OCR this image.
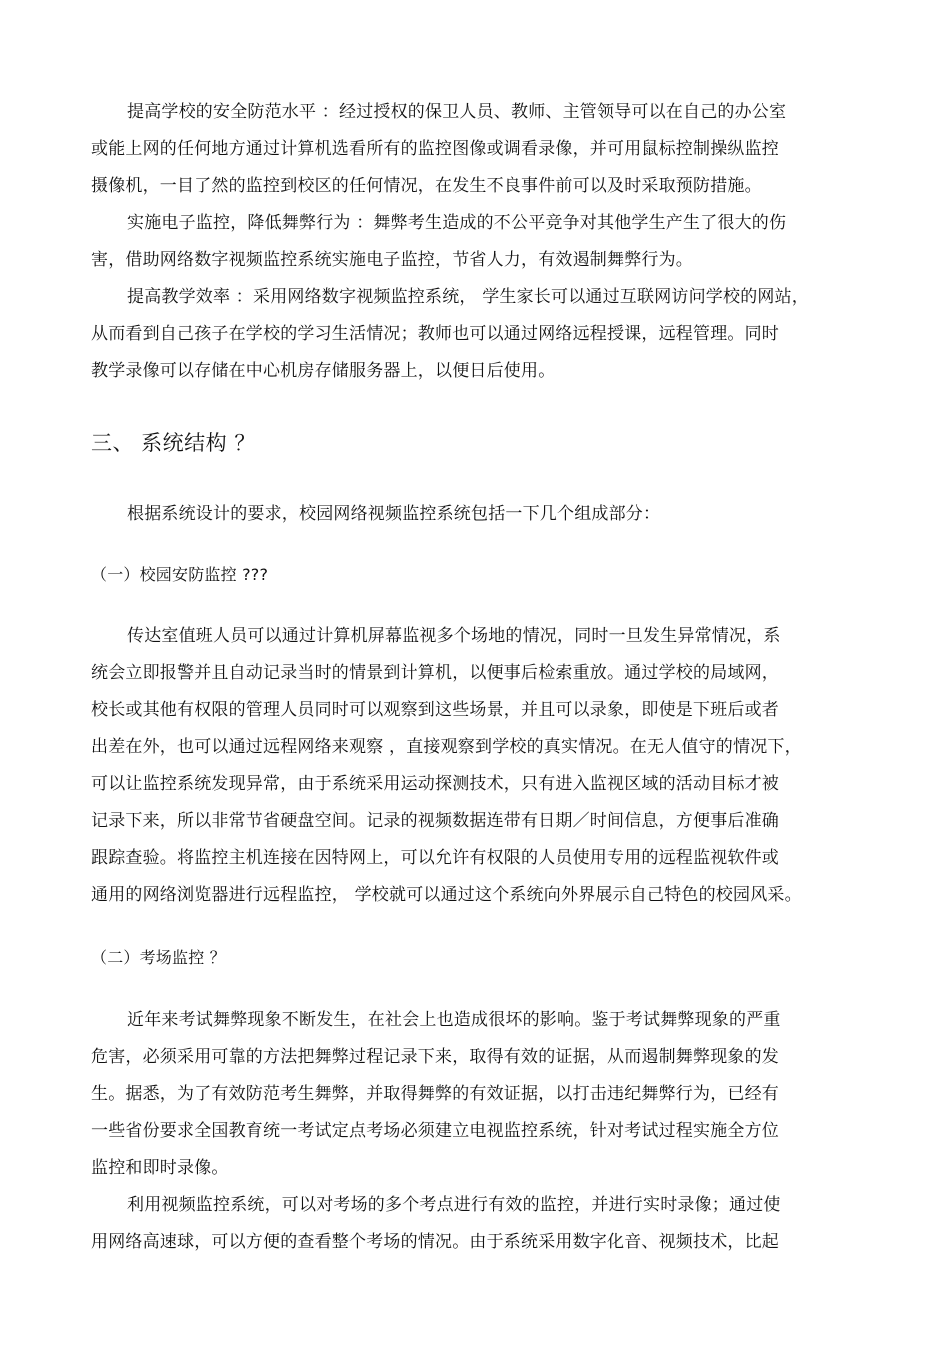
提高学校的安全防范水平 ：经过授权的保卫人员、教师、主管领导可以在自己的办公室
或能上网的任何地方通过计算机选看所有的监控图像或调看录像，并可用鼠标控制操纵监控
摄像机，一目了然的监控到校区的任何情况，在发生不良事件前可以及时采取预防措施。
实施电子监控，降低舞弊行为 ：舞弊考生造成的不公平竞争对其他学生产生了很大的伤
害，借助网络数字视频监控系统实施电子监控，节省人力，有效遏制舞弊行为。
提高教学效率 ：采用网络数字视频监控系统， 学生家长可以通过互联网访问学校的网站，
从而看到自己孩子在学校的学习生活情况；教师也可以通过网络远程授课，远程管理。同时
教学录像可以存储在中心机房存储服务器上，以便日后使用。
三、 系统结构 ？
根据系统设计的要求，校园网络视频监控系统包括一下几个组成部分：
（一）校园安防监控 ???
传达室值班人员可以通过计算机屏幕监视多个场地的情况，同时一旦发生异常情况，系
统会立即报警并且自动记录当时的情景到计算机，以便事后检索重放。通过学校的局域网，
校长或其他有权限的管理人员同时可以观察到这些场景，并且可以录象，即使是下班后或者
出差在外，也可以通过远程网络来观察 ，直接观察到学校的真实情况。在无人值守的情况下，
可以让监控系统发现异常，由于系统采用运动探测技术，只有进入监视区域的活动目标才被
记录下来，所以非常节省硬盘空间。记录的视频数据连带有日期／时间信息，方便事后准确
跟踪查验。将监控主机连接在因特网上，可以允许有权限的人员使用专用的远程监视软件或
通用的网络浏览器进行远程监控， 学校就可以通过这个系统向外界展示自己特色的校园风采。
（二）考场监控 ？
近年来考试舞弊现象不断发生，在社会上也造成很坏的影响。鉴于考试舞弊现象的严重
危害，必须采用可靠的方法把舞弊过程记录下来，取得有效的证据，从而遏制舞弊现象的发
生。据悉，为了有效防范考生舞弊，并取得舞弊的有效证据，以打击违纪舞弊行为，已经有
一些省份要求全国教育统一考试定点考场必须建立电视监控系统，针对考试过程实施全方位
监控和即时录像。
利用视频监控系统，可以对考场的多个考点进行有效的监控，并进行实时录像；通过使
用网络高速球，可以方便的查看整个考场的情况。由于系统采用数字化音、视频技术，比起
